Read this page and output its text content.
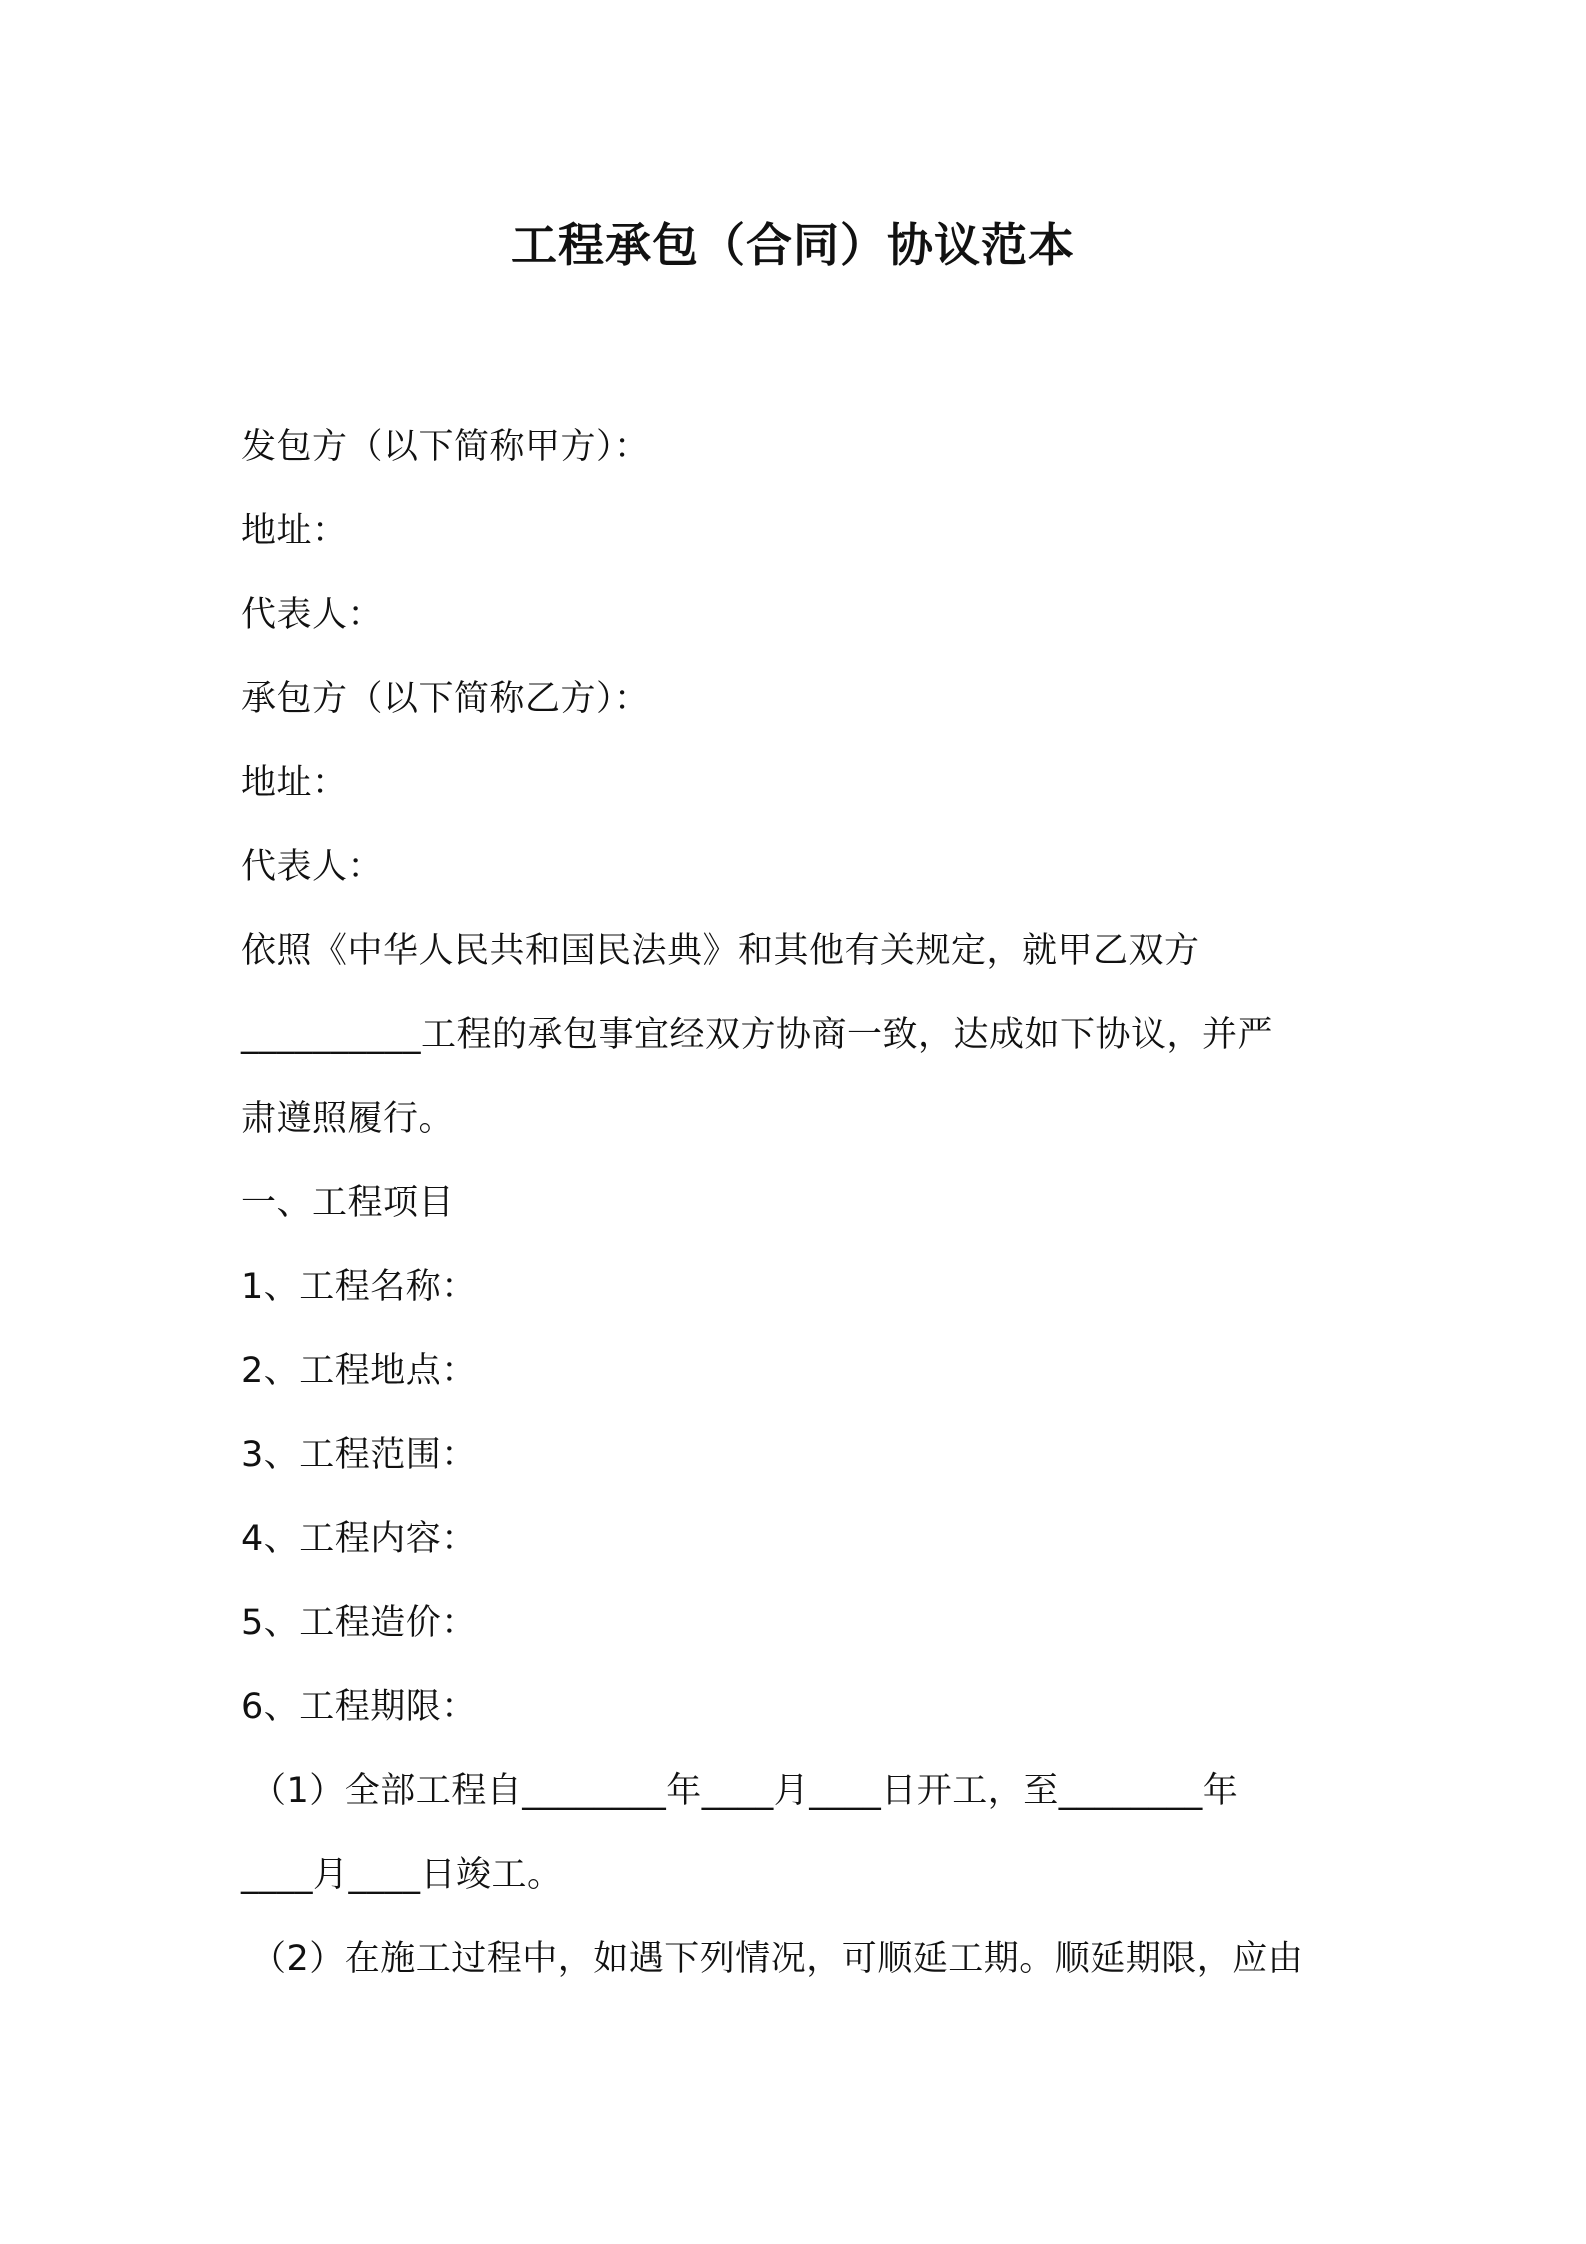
工程承包（合同）协议范本
发包方（以下简称甲方）：
地址：
代表人：
承包方（以下简称乙方）：
地址：
代表人：
依照《中华人民共和国民法典》和其他有关规定，就甲乙双方
__________工程的承包事宜经双方协商一致，达成如下协议，并严
肃遵照履行。
一、工程项目
1、工程名称：
2、工程地点：
3、工程范围：
4、工程内容：
5、工程造价：
6、工程期限：
（1）全部工程自________年____月____日开工，至________年
____月____日竣工。
（2）在施工过程中，如遇下列情况，可顺延工期。顺延期限，应由
